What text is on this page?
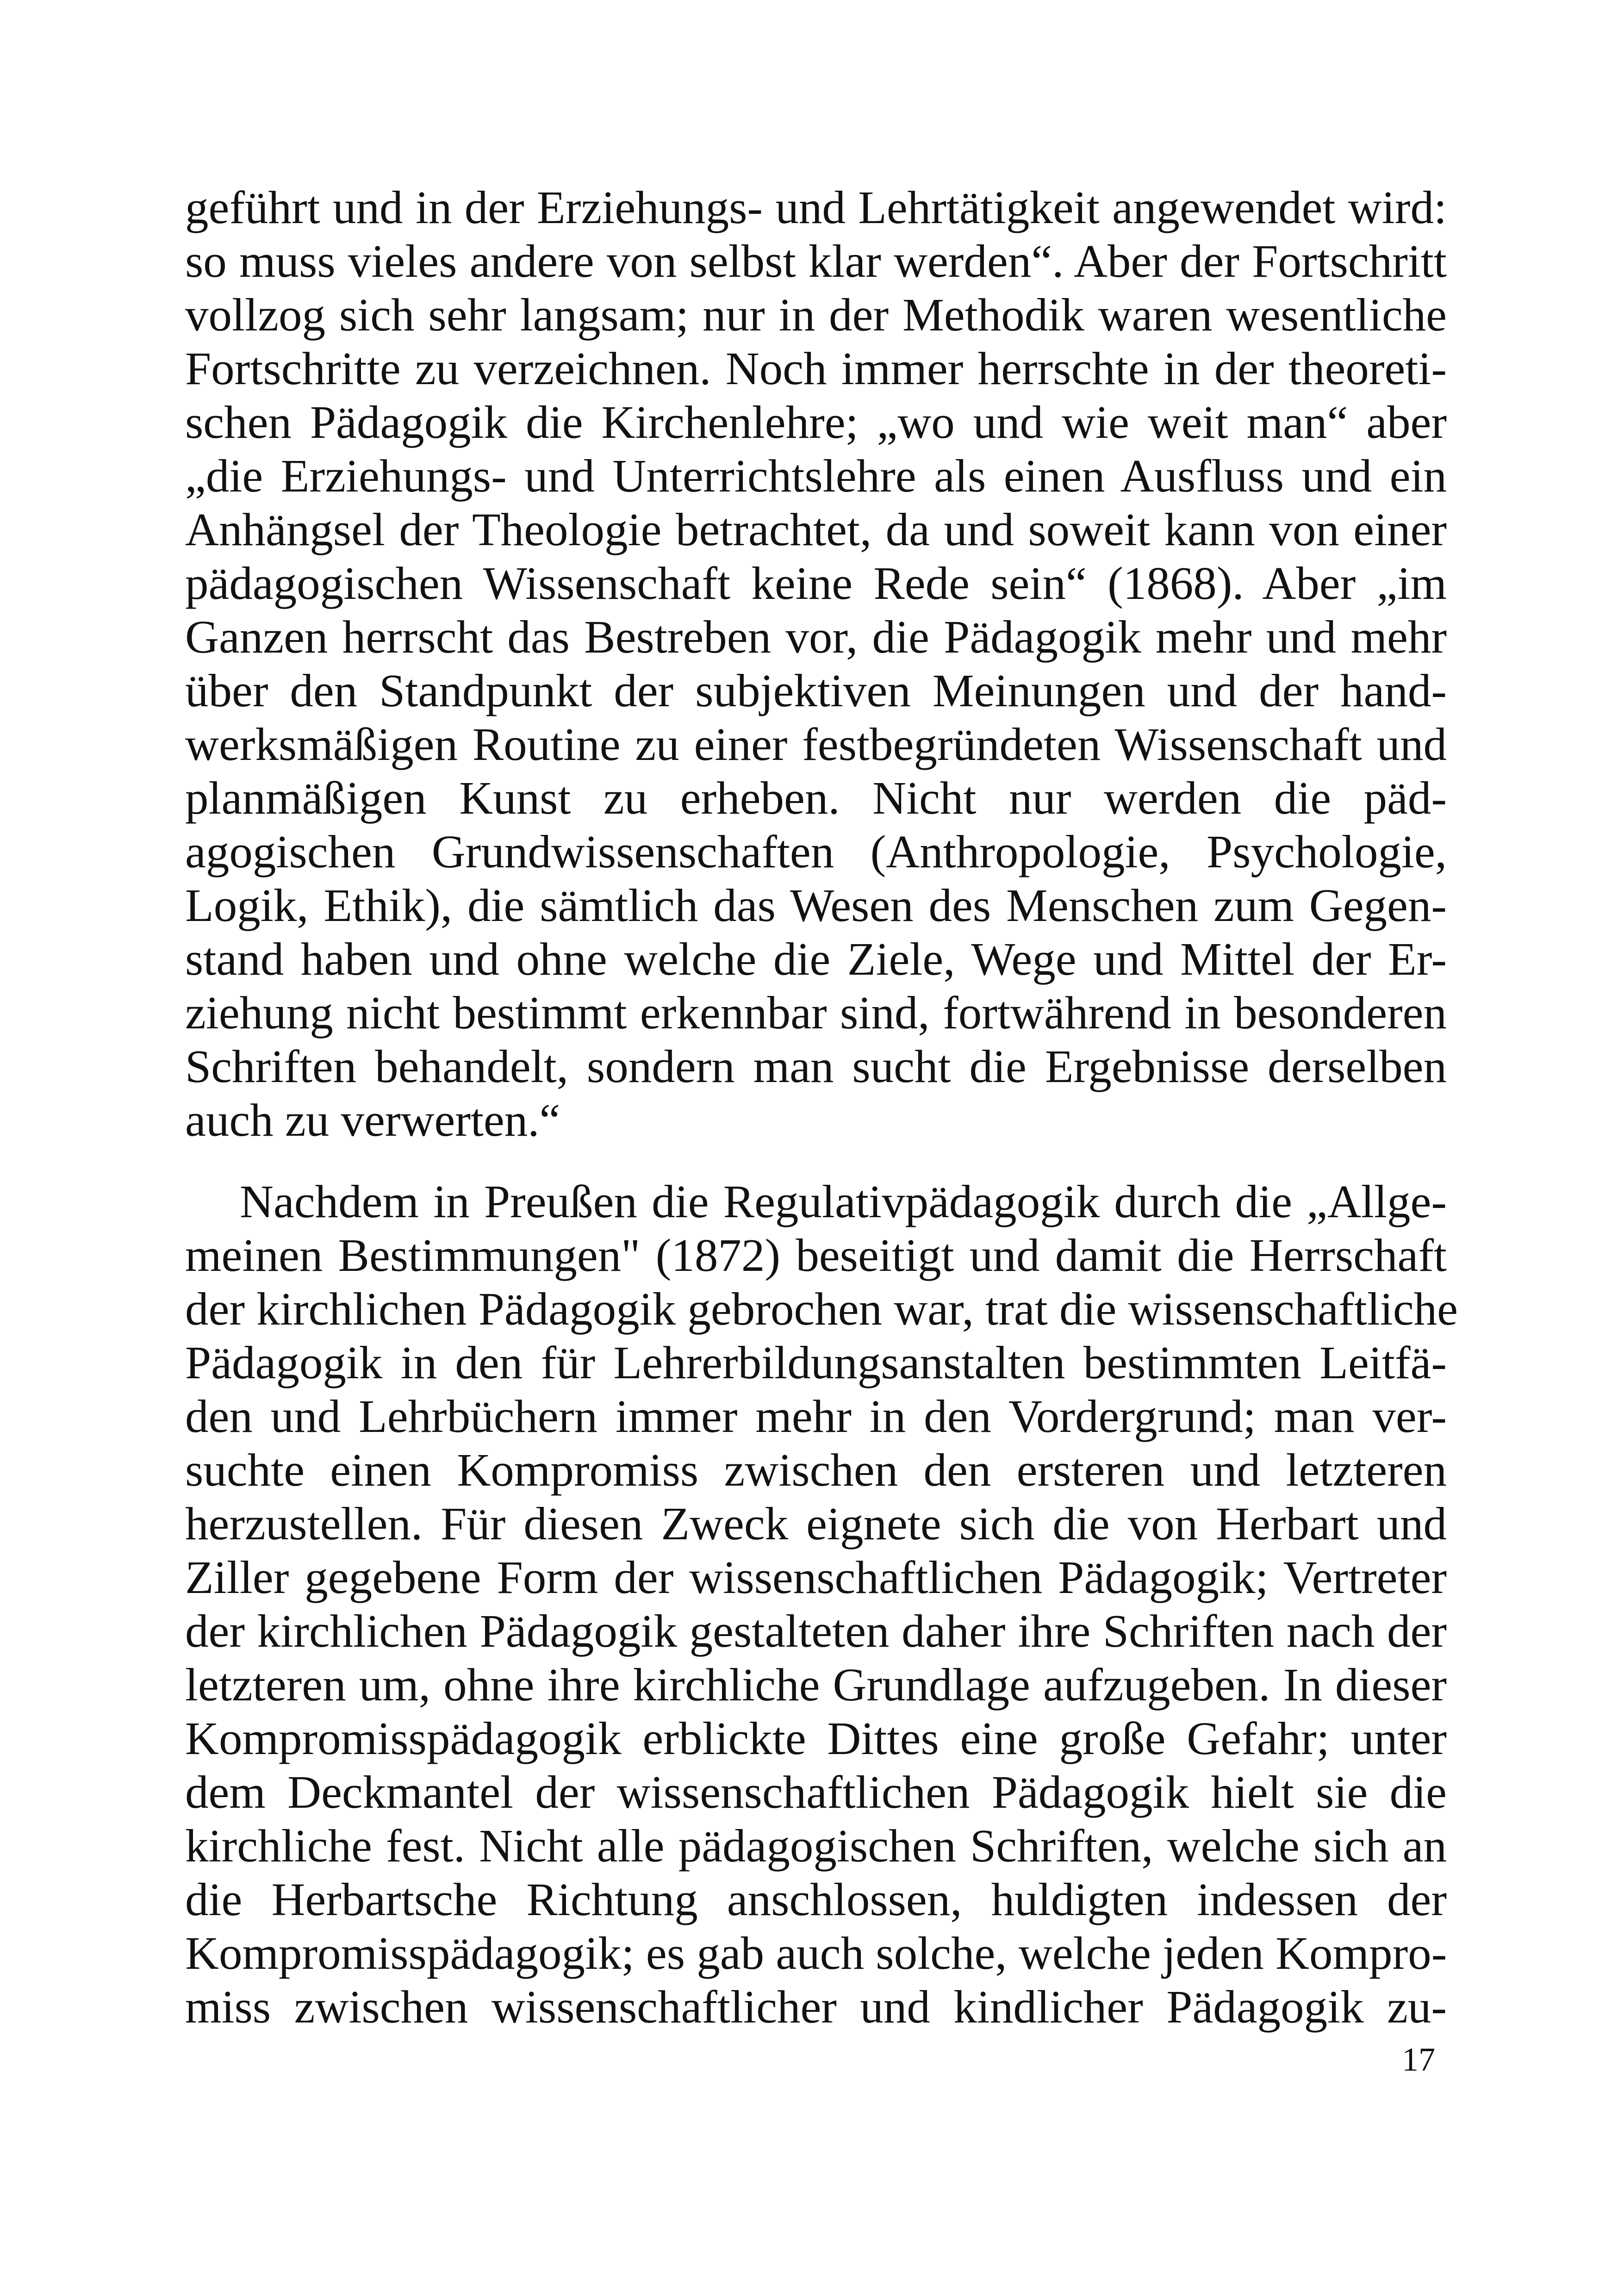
geführt und in der Erziehungs- und Lehrtätigkeit angewendet wird:
so muss vieles andere von selbst klar werden“. Aber der Fortschritt
vollzog sich sehr langsam; nur in der Methodik waren wesentliche
Fortschritte zu verzeichnen. Noch immer herrschte in der theoreti-
schen Pädagogik die Kirchenlehre; „wo und wie weit man“ aber
„die Erziehungs- und Unterrichtslehre als einen Ausfluss und ein
Anhängsel der Theologie betrachtet, da und soweit kann von einer
pädagogischen Wissenschaft keine Rede sein“ (1868). Aber „im
Ganzen herrscht das Bestreben vor, die Pädagogik mehr und mehr
über den Standpunkt der subjektiven Meinungen und der hand-
werksmäßigen Routine zu einer festbegründeten Wissenschaft und
planmäßigen Kunst zu erheben. Nicht nur werden die päd-
agogischen Grundwissenschaften (Anthropologie, Psychologie,
Logik, Ethik), die sämtlich das Wesen des Menschen zum Gegen-
stand haben und ohne welche die Ziele, Wege und Mittel der Er-
ziehung nicht bestimmt erkennbar sind, fortwährend in besonderen
Schriften behandelt, sondern man sucht die Ergebnisse derselben
auch zu verwerten.“
Nachdem in Preußen die Regulativpädagogik durch die „Allge-
meinen Bestimmungen" (1872) beseitigt und damit die Herrschaft
der kirchlichen Pädagogik gebrochen war, trat die wissenschaftliche
Pädagogik in den für Lehrerbildungsanstalten bestimmten Leitfä-
den und Lehrbüchern immer mehr in den Vordergrund; man ver-
suchte einen Kompromiss zwischen den ersteren und letzteren
herzustellen. Für diesen Zweck eignete sich die von Herbart und
Ziller gegebene Form der wissenschaftlichen Pädagogik; Vertreter
der kirchlichen Pädagogik gestalteten daher ihre Schriften nach der
letzteren um, ohne ihre kirchliche Grundlage aufzugeben. In dieser
Kompromisspädagogik erblickte Dittes eine große Gefahr; unter
dem Deckmantel der wissenschaftlichen Pädagogik hielt sie die
kirchliche fest. Nicht alle pädagogischen Schriften, welche sich an
die Herbartsche Richtung anschlossen, huldigten indessen der
Kompromisspädagogik; es gab auch solche, welche jeden Kompro-
miss zwischen wissenschaftlicher und kindlicher Pädagogik zu-
17
